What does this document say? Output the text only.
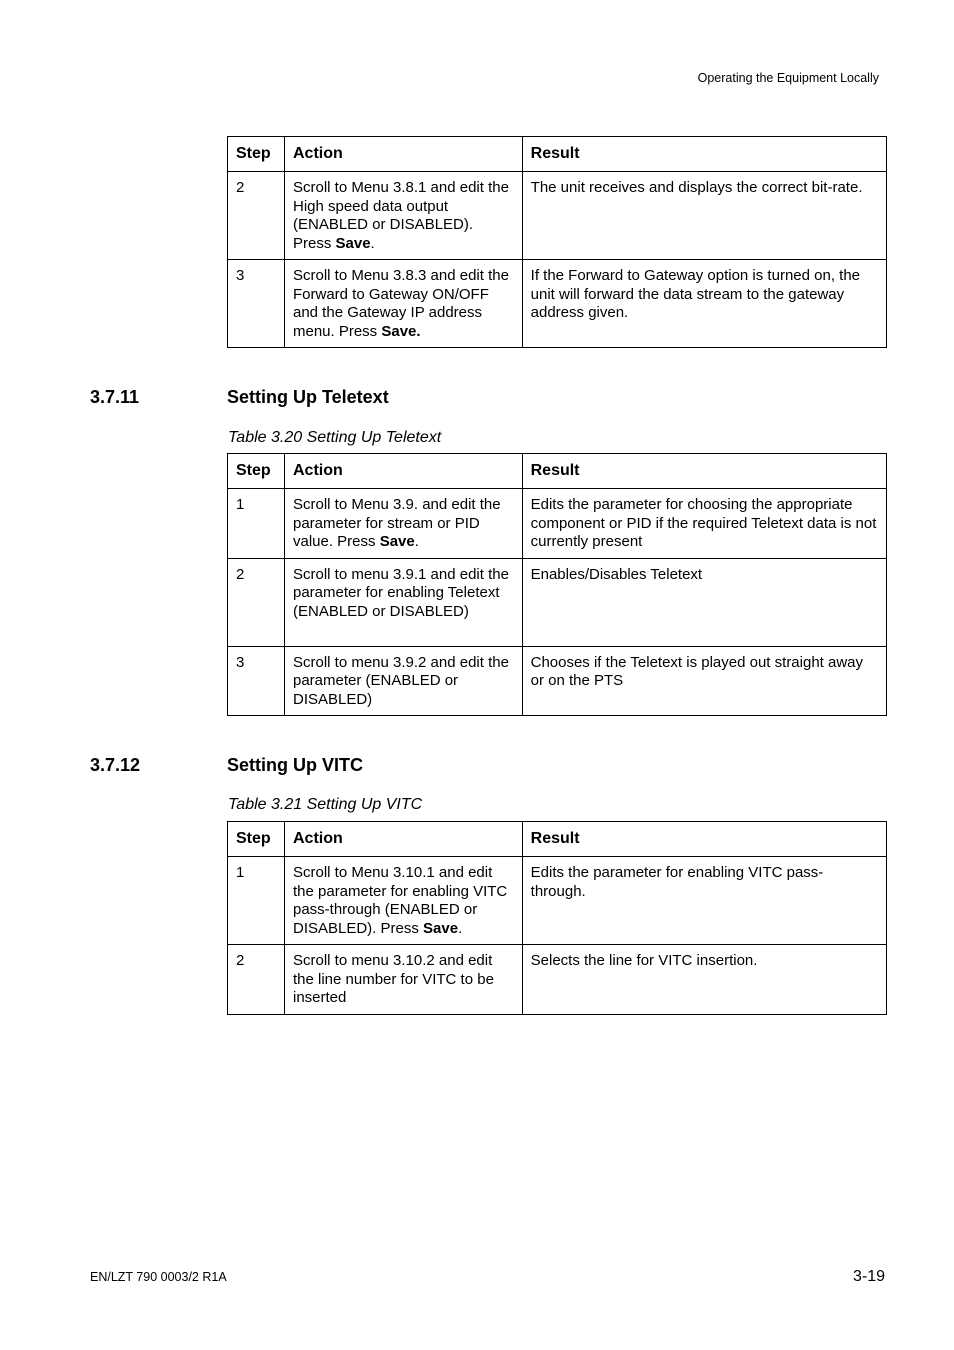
Operating the Equipment Locally
Step	Action	Result
2	Scroll to Menu 3.8.1 and edit the High speed data output (ENABLED or DISABLED). Press Save.	The unit receives and displays the correct bit-rate.
3	Scroll to Menu 3.8.3 and edit the Forward to Gateway ON/OFF and the Gateway IP address menu. Press Save.	If the Forward to Gateway option is turned on, the unit will forward the data stream to the gateway address given.
3.7.11	Setting Up Teletext
Table 3.20 Setting Up Teletext
Step	Action	Result
1	Scroll to Menu 3.9. and edit the parameter for stream or PID value. Press Save.	Edits the parameter for choosing the appropriate component or PID if the required Teletext data is not currently present
2	Scroll to menu 3.9.1 and edit the parameter for enabling Teletext (ENABLED or DISABLED)	Enables/Disables Teletext
3	Scroll to menu 3.9.2 and edit the parameter (ENABLED or DISABLED)	Chooses if the Teletext is played out straight away or on the PTS
3.7.12	Setting Up VITC
Table 3.21 Setting Up VITC
Step	Action	Result
1	Scroll to Menu 3.10.1 and edit the parameter for enabling VITC pass-through (ENABLED or DISABLED). Press Save.	Edits the parameter for enabling VITC pass-through.
2	Scroll to menu 3.10.2 and edit the line number for VITC to be inserted	Selects the line for VITC insertion.
EN/LZT 790 0003/2 R1A	3-19
